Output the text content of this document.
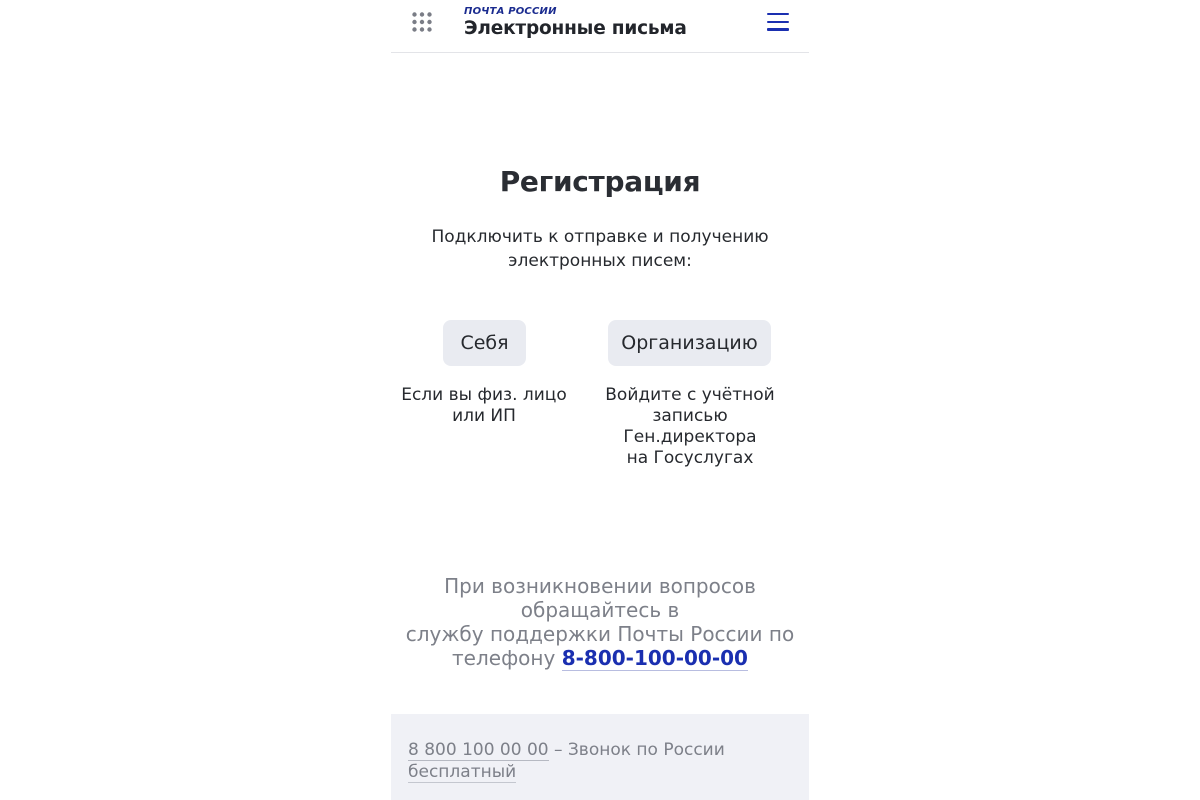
ПОЧТА РОССИИ
Электронные письма
Регистрация

Подключить к отправке и получению
электронных писем:

Себя	Организацию
Если вы физ. лицо
или ИП
Войдите с учётной
записью Ген.директора
на Госуслугах
При возникновении вопросов обращайтесь в
службу поддержки Почты России по
телефону 8-800-100-00-00
8 800 100 00 00 – Звонок по России
бесплатный
